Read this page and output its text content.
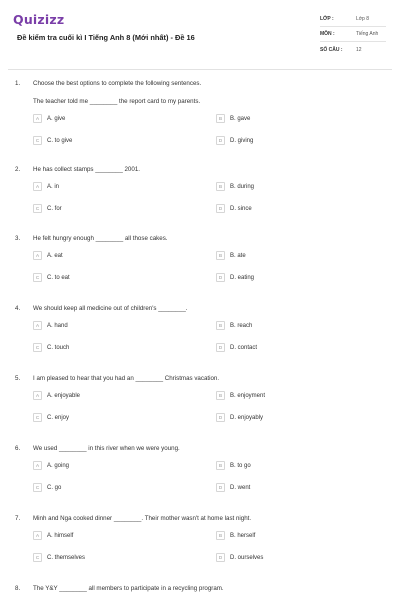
Quizizz
Đề kiểm tra cuối kì I Tiếng Anh 8 (Mới nhất) - Đề 16
LỚP :	Lớp 8
MÔN :	Tiếng Anh
SỐ CÂU :	12
1. Choose the best options to complete the following sentences.
The teacher told me ________ the report card to my parents.
A	A. give	B	B. gave
C	C. to give	D	D. giving
2. He has collect stamps ________ 2001.
A	A. in	B	B. during
C	C. for	D	D. since
3. He felt hungry enough ________ all those cakes.
A	A. eat	B	B. ate
C	C. to eat	D	D. eating
4. We should keep all medicine out of children's ________.
A	A. hand	B	B. reach
C	C. touch	D	D. contact
5. I am pleased to hear that you had an ________ Christmas vacation.
A	A. enjoyable	B	B. enjoyment
C	C. enjoy	D	D. enjoyably
6. We used ________ in this river when we were young.
A	A. going	B	B. to go
C	C. go	D	D. went
7. Minh and Nga cooked dinner ________. Their mother wasn't at home last night.
A	A. himself	B	B. herself
C	C. themselves	D	D. ourselves
8. The Y&Y ________ all members to participate in a recycling program.
